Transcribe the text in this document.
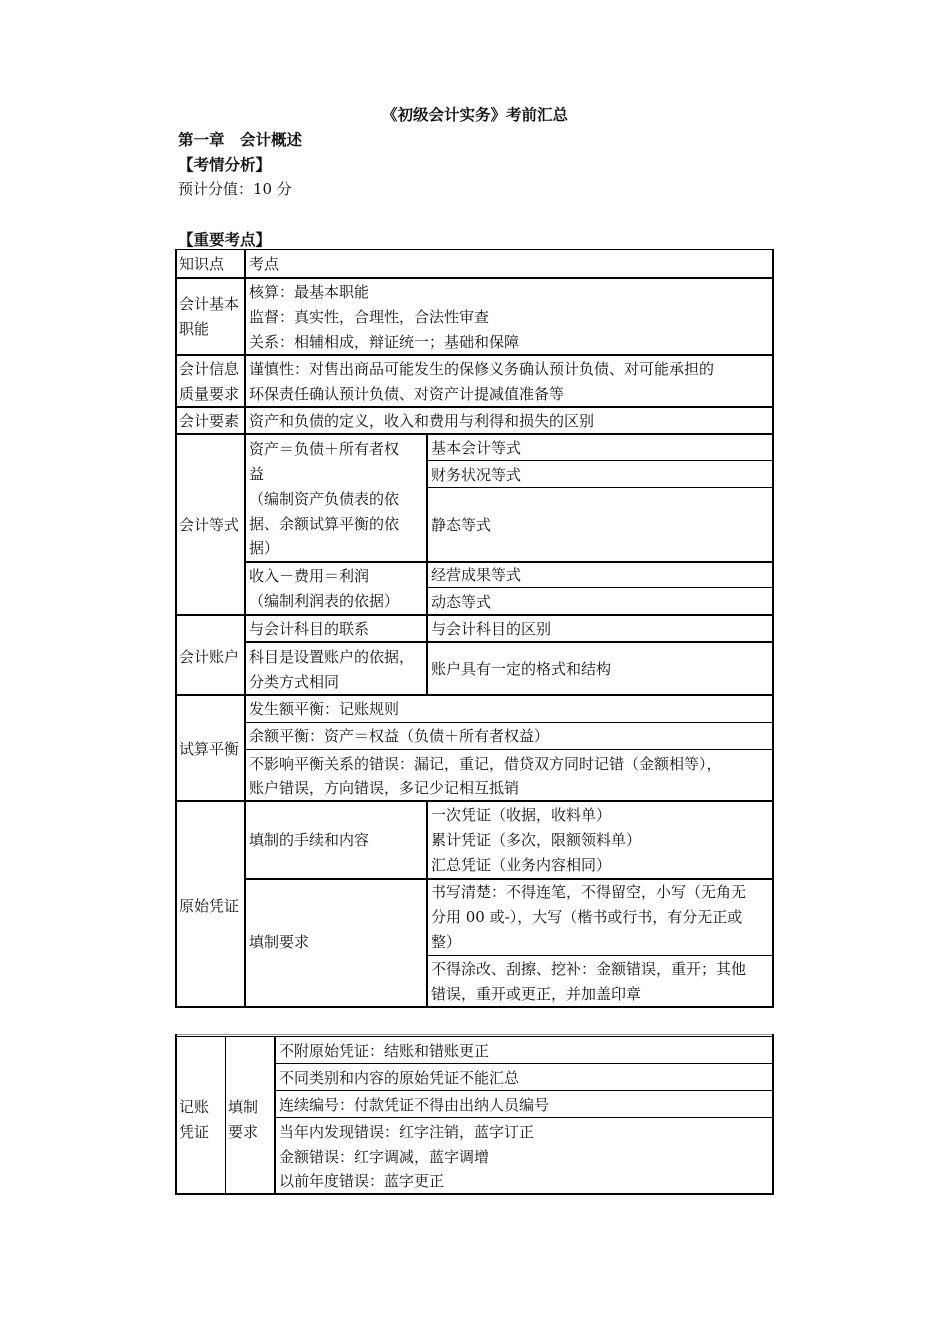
《初级会计实务》考前汇总
第一章　会计概述
【考情分析】
预计分值：10 分
【重要考点】
知识点 考点
会计基本
职能
核算：最基本职能
监督：真实性，合理性，合法性审查
关系：相辅相成，辩证统一；基础和保障
会计信息
质量要求
谨慎性：对售出商品可能发生的保修义务确认预计负债、对可能承担的
环保责任确认预计负债、对资产计提减值准备等
会计要素 资产和负债的定义，收入和费用与利得和损失的区别
会计等式
资产＝负债＋所有者权
益
（编制资产负债表的依
据、余额试算平衡的依
据）
基本会计等式
财务状况等式
静态等式
收入－费用＝利润
（编制利润表的依据）
经营成果等式
动态等式
会计账户
与会计科目的联系	与会计科目的区别
科目是设置账户的依据，
分类方式相同
账户具有一定的格式和结构
试算平衡
发生额平衡：记账规则
余额平衡：资产＝权益（负债＋所有者权益）
不影响平衡关系的错误：漏记，重记，借贷双方同时记错（金额相等），
账户错误，方向错误，多记少记相互抵销
原始凭证
填制的手续和内容
一次凭证（收据，收料单）
累计凭证（多次，限额领料单）
汇总凭证（业务内容相同）
填制要求
书写清楚：不得连笔，不得留空，小写（无角无
分用 00 或-），大写（楷书或行书，有分无正或
整）
不得涂改、刮擦、挖补：金额错误，重开；其他
错误，重开或更正，并加盖印章
记账
凭证
填制
要求
不附原始凭证：结账和错账更正
不同类别和内容的原始凭证不能汇总
连续编号：付款凭证不得由出纳人员编号
当年内发现错误：红字注销，蓝字订正
金额错误：红字调减，蓝字调增
以前年度错误：蓝字更正
